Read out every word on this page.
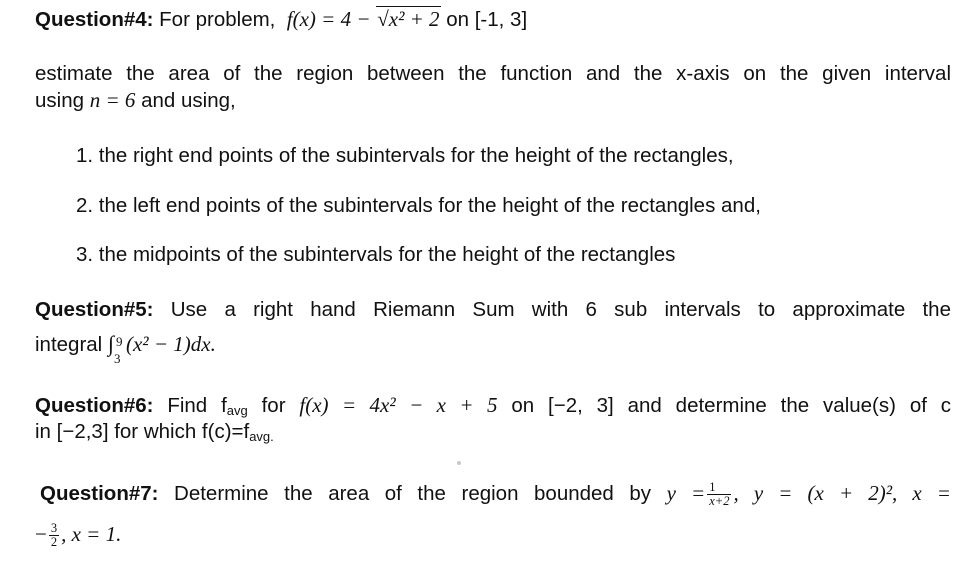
Question#4: For problem, f(x) = 4 − √x² + 2 on [-1, 3]
estimate the area of the region between the function and the x-axis on the given interval
using n = 6 and using,
1. the right end points of the subintervals for the height of the rectangles,
2. the left end points of the subintervals for the height of the rectangles and,
3. the midpoints of the subintervals for the height of the rectangles
Question#5: Use a right hand Riemann Sum with 6 sub intervals to approximate the
integral ∫ 9
3
(x² − 1)dx.
Question#6: Find $f_{avg}$ for f(x) = 4x² − x + 5 on [−2, 3] and determine the value(s) of c
in [−2,3] for which $f(c)=f_{avg.}$
Question#7: Determine the area of the region bounded by $y = \frac{1}{x+2}$ , y = (x + 2)², x =
− $\frac{3}{2}$ , x = 1.
